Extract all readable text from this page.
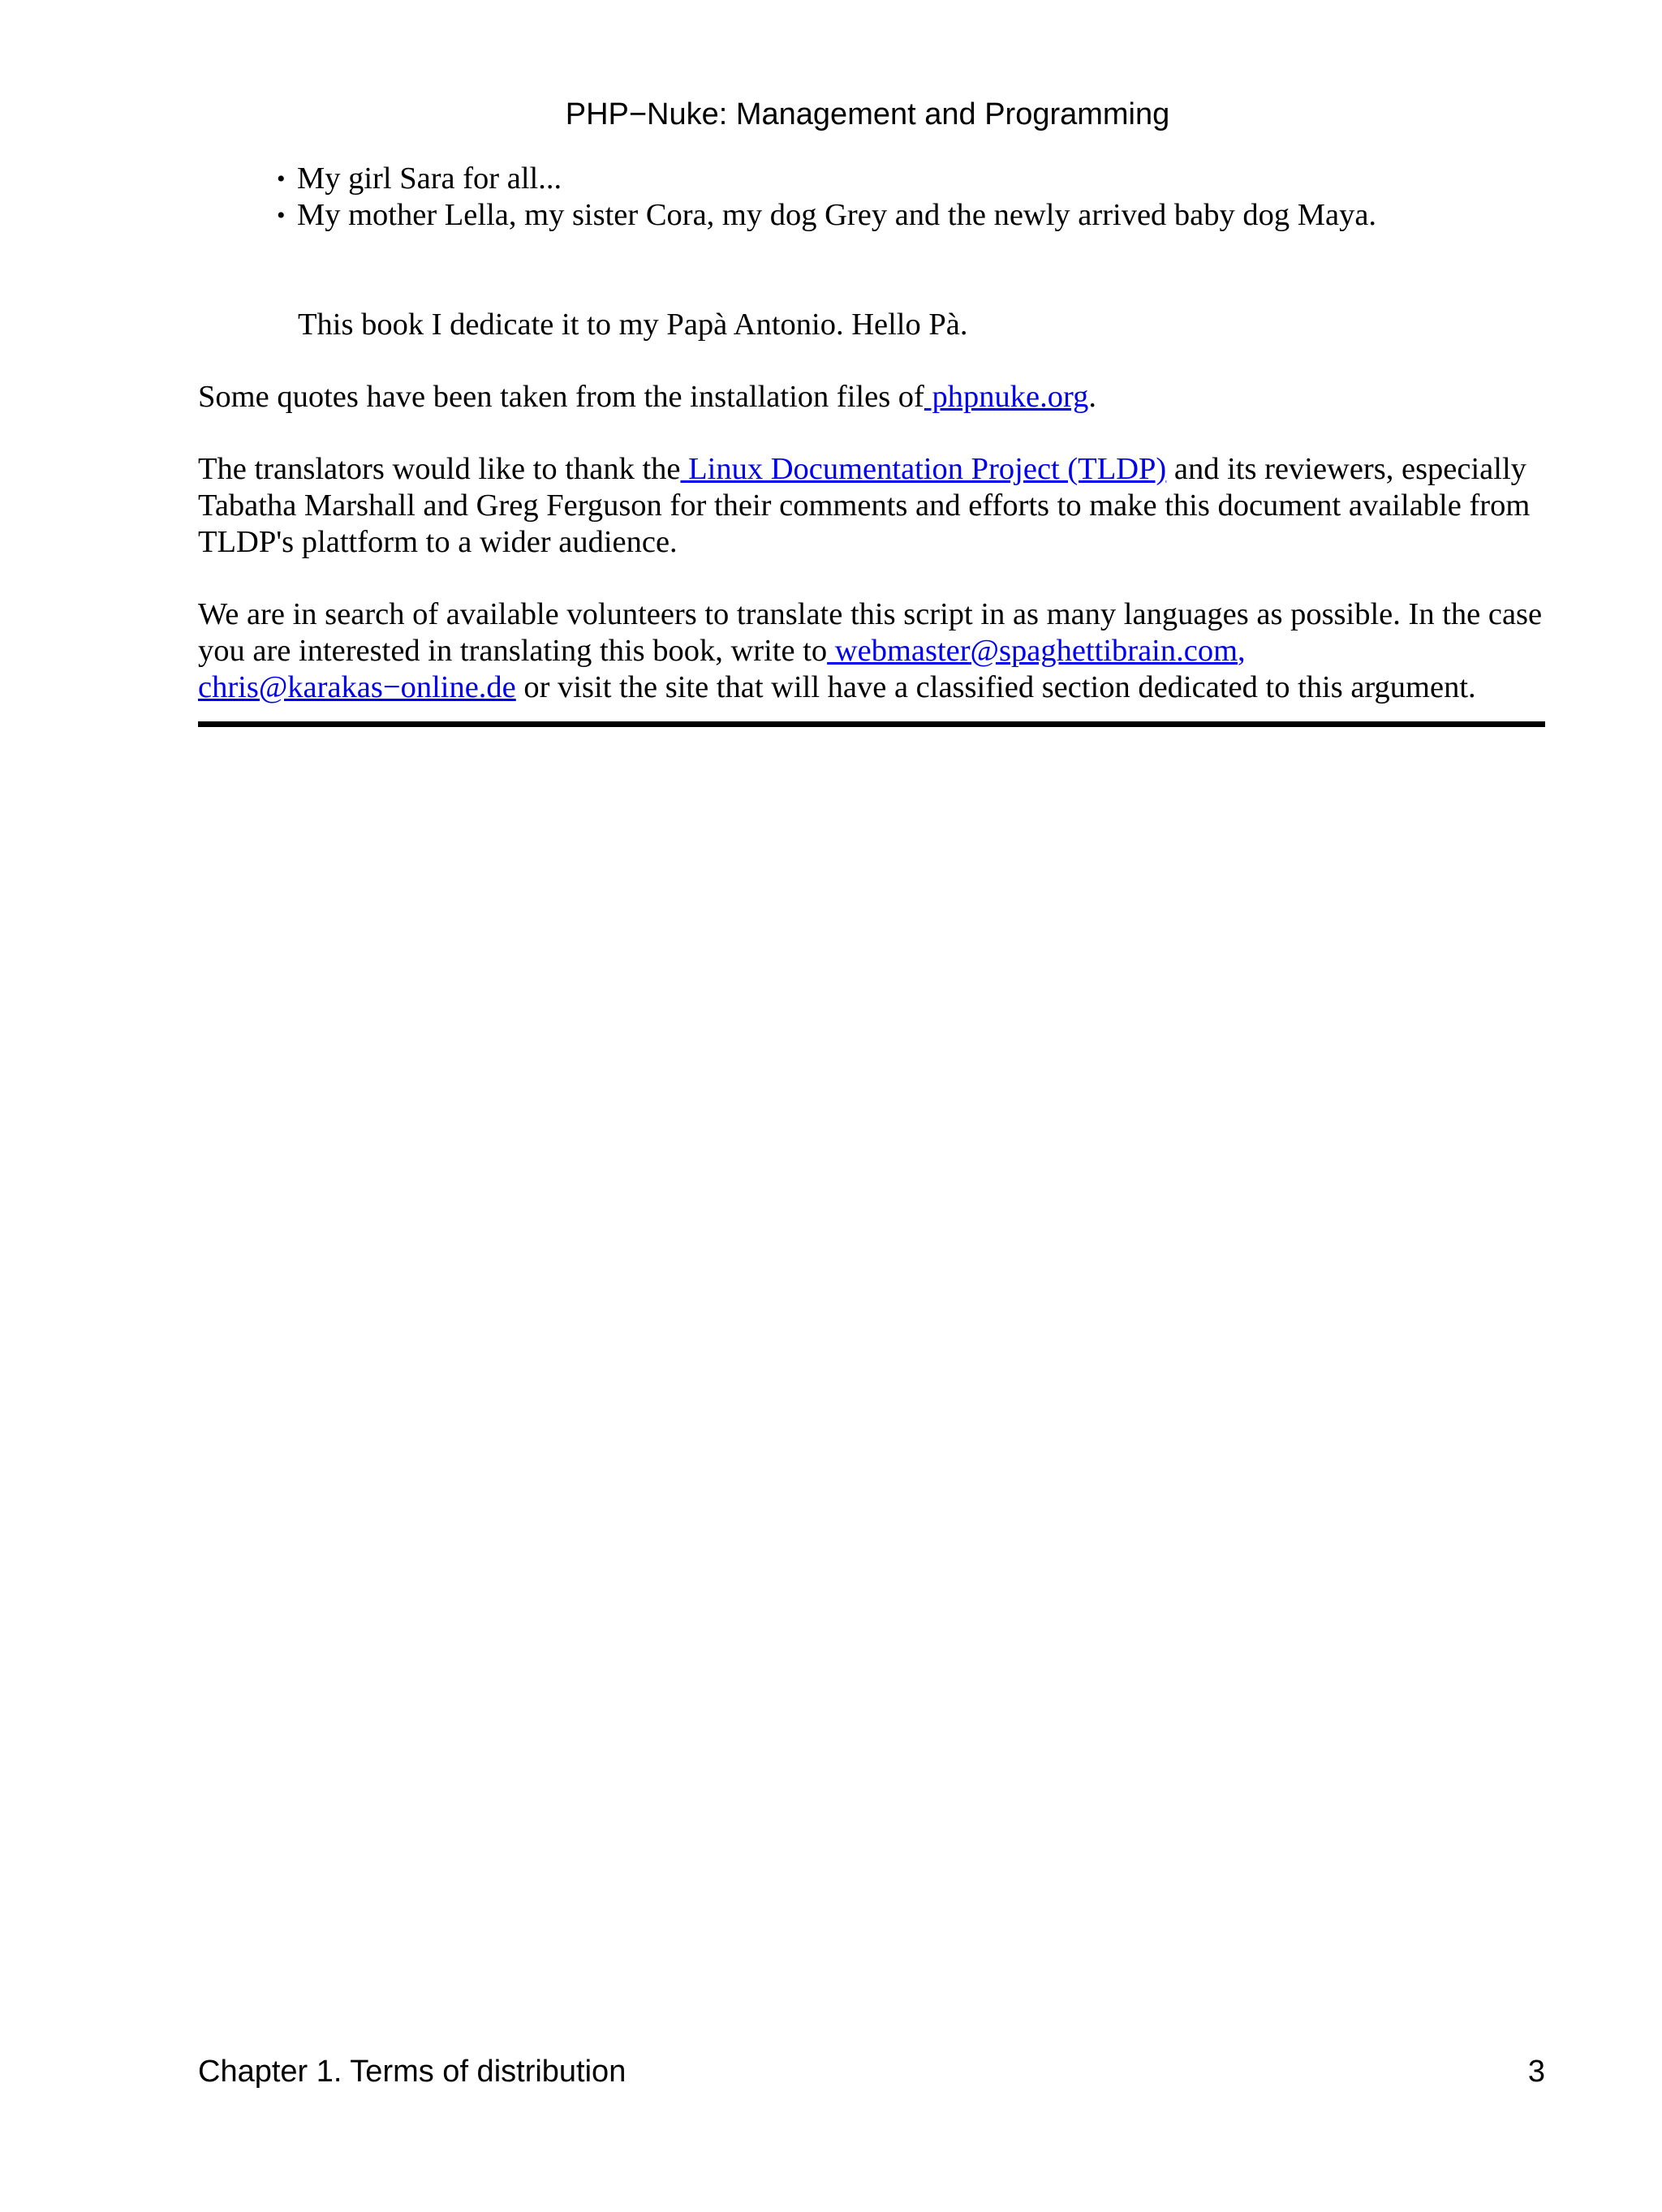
PHP−Nuke: Management and Programming
• My girl Sara for all...
• My mother Lella, my sister Cora, my dog Grey and the newly arrived baby dog Maya.

This book I dedicate it to my Papà Antonio. Hello Pà.

Some quotes have been taken from the installation files of phpnuke.org.

The translators would like to thank the Linux Documentation Project (TLDP) and its reviewers, especially Tabatha Marshall and Greg Ferguson for their comments and efforts to make this document available from TLDP's plattform to a wider audience.

We are in search of available volunteers to translate this script in as many languages as possible. In the case you are interested in translating this book, write to webmaster@spaghettibrain.com, chris@karakas−online.de or visit the site that will have a classified section dedicated to this argument.

Chapter 1. Terms of distribution	3
